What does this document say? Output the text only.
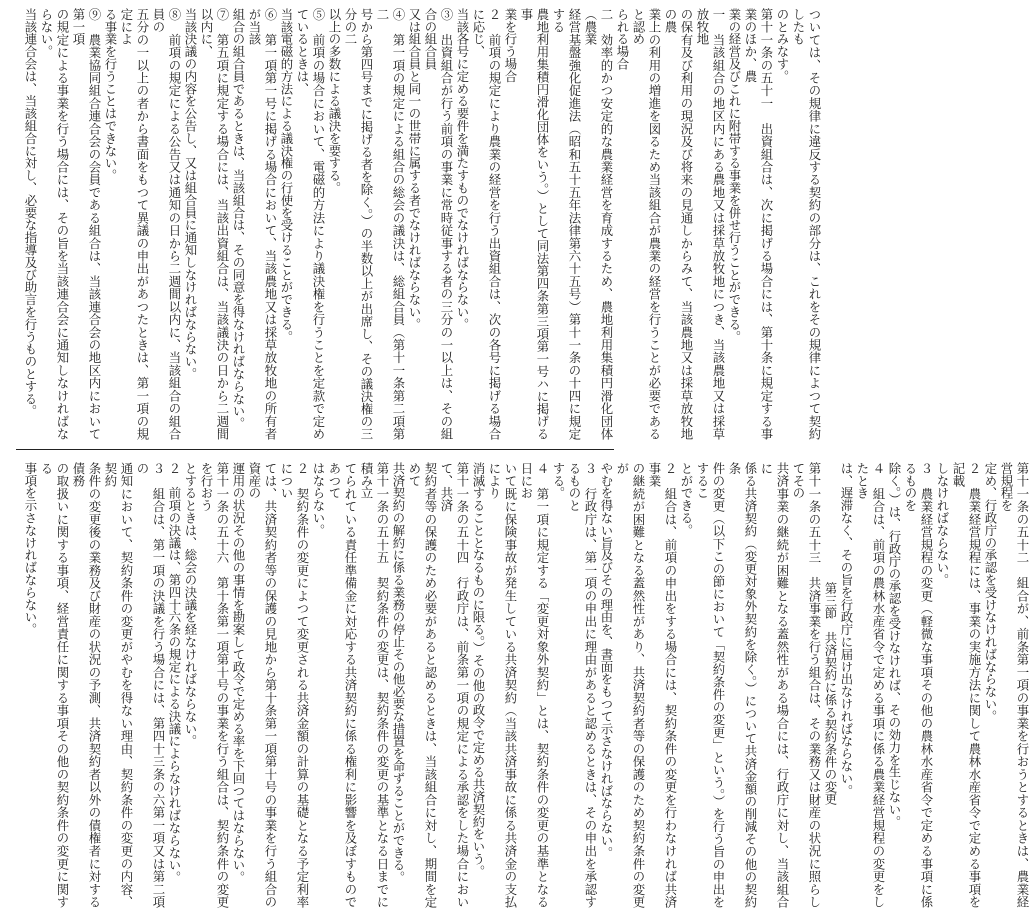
ついては、その規律に違反する契約の部分は、これをその規律によつて契約したも
のとみなす。
第十一条の五十一　出資組合は、次に掲げる場合には、第十条に規定する事業のほか、農
業の経営及びこれに附帯する事業を併せ行うことができる。
一　当該組合の地区内にある農地又は採草放牧地につき、当該農地又は採草放牧地
の保有及び利用の現況及び将来の見通しからみて、当該農地又は採草放牧地の農
業上の利用の増進を図るため当該組合が農業の経営を行うことが必要であると認め
られる場合
二　効率的かつ安定的な農業経営を育成するため、農地利用集積円滑化団体（農業
経営基盤強化促進法（昭和五十五年法律第六十五号）第十一条の十四に規定する
農地利用集積円滑化団体をいう。）として同法第四条第三項第一号ハに掲げる事
業を行う場合
２　前項の規定により農業の経営を行う出資組合は、次の各号に掲げる場合に応じ、
当該各号に定める要件を満たすものでなければならない。
③　出資組合が行う前項の事業に常時従事する者の三分の一以上は、その組合の組合員
又は組合員と同一の世帯に属する者でなければならない。
④　第一項の規定による組合の総会の議決は、総組合員（第十一条第二項第二
号から第四号までに掲げる者を除く。）の半数以上が出席し、その議決権の三分の二
以上の多数による議決を要する。
⑤　前項の場合において、電磁的方法により議決権を行うことを定款で定めているときは、
当該電磁的方法による議決権の行使を受けることができる。
⑥　第一項第一号に掲げる場合において、当該農地又は採草放牧地の所有者が当該
組合の組合員であるときは、当該組合は、その同意を得なければならない。
⑦　第五項に規定する場合には、当該出資組合は、当該議決の日から二週間以内に、
当該決議の内容を公告し、又は組合員に通知しなければならない。
⑧　前項の規定による公告又は通知の日から二週間以内に、当該組合の組合員の
五分の一以上の者から書面をもつて異議の申出があつたときは、第一項の規定によ
る事業を行うことはできない。
⑨　農業協同組合連合会の会員である組合は、当該連合会の地区内において第一項
の規定による事業を行う場合には、その旨を当該連合会に通知しなければならない。
当該連合会は、当該組合に対し、必要な指導及び助言を行うものとする。
第十一条の五十二　組合が、前条第一項の事業を行おうとするときは、農業経営規程を
定め、行政庁の承認を受けなければならない。
２　農業経営規程には、事業の実施方法に関して農林水産省令で定める事項を記載
しなければならない。
３　農業経営規程の変更（軽微な事項その他の農林水産省令で定める事項に係るものを
除く。）は、行政庁の承認を受けなければ、その効力を生じない。
４　組合は、前項の農林水産省令で定める事項に係る農業経営規程の変更をしたとき
は、遅滞なく、その旨を行政庁に届け出なければならない。
第三節　共済契約に係る契約条件の変更
第十一条の五十三　共済事業を行う組合は、その業務又は財産の状況に照らしてその
共済事業の継続が困難となる蓋然性がある場合には、行政庁に対し、当該組合に
係る共済契約（変更対象外契約を除く。）について共済金額の削減その他の契約条
件の変更（以下この節において「契約条件の変更」という。）を行う旨の申出をするこ
とができる。
２　組合は、前項の申出をする場合には、契約条件の変更を行わなければ共済事業
の継続が困難となる蓋然性があり、共済契約者等の保護のため契約条件の変更が
やむを得ない旨及びその理由を、書面をもつて示さなければならない。
３　行政庁は、第一項の申出に理由があると認めるときは、その申出を承認するものと
する。
４　第一項に規定する「変更対象外契約」とは、契約条件の変更の基準となる日にお
いて既に保険事故が発生している共済契約（当該共済事故に係る共済金の支払により
消滅することとなるものに限る。）その他の政令で定める共済契約をいう。
第十一条の五十四　行政庁は、前条第一項の規定による承認をした場合において、共済
契約者等の保護のため必要があると認めるときは、当該組合に対し、期間を定めて
共済契約の解約に係る業務の停止その他必要な措置を命ずることができる。
第十一条の五十五　契約条件の変更は、契約条件の変更の基準となる日までに積み立
てられている責任準備金に対応する共済契約に係る権利に影響を及ぼすものであつて
はならない。
２　契約条件の変更によつて変更される共済金額の計算の基礎となる予定利率につい
ては、共済契約者等の保護の見地から第十条第一項第十号の事業を行う組合の資産の
運用の状況その他の事情を勘案して政令で定める率を下回つてはならない。
第十一条の五十六　第十条第一項第十号の事業を行う組合は、契約条件の変更を行おう
とするときは、総会の決議を経なければならない。
２　前項の決議は、第四十六条の規定による決議によらなければならない。
３　組合は、第一項の決議を行う場合には、第四十三条の六第一項又は第二項の
通知において、契約条件の変更がやむを得ない理由、契約条件の変更の内容、契約
条件の変更後の業務及び財産の状況の予測、共済契約者以外の債権者に対する債務
の取扱いに関する事項、経営責任に関する事項その他の契約条件の変更に関する
事項を示さなければならない。
